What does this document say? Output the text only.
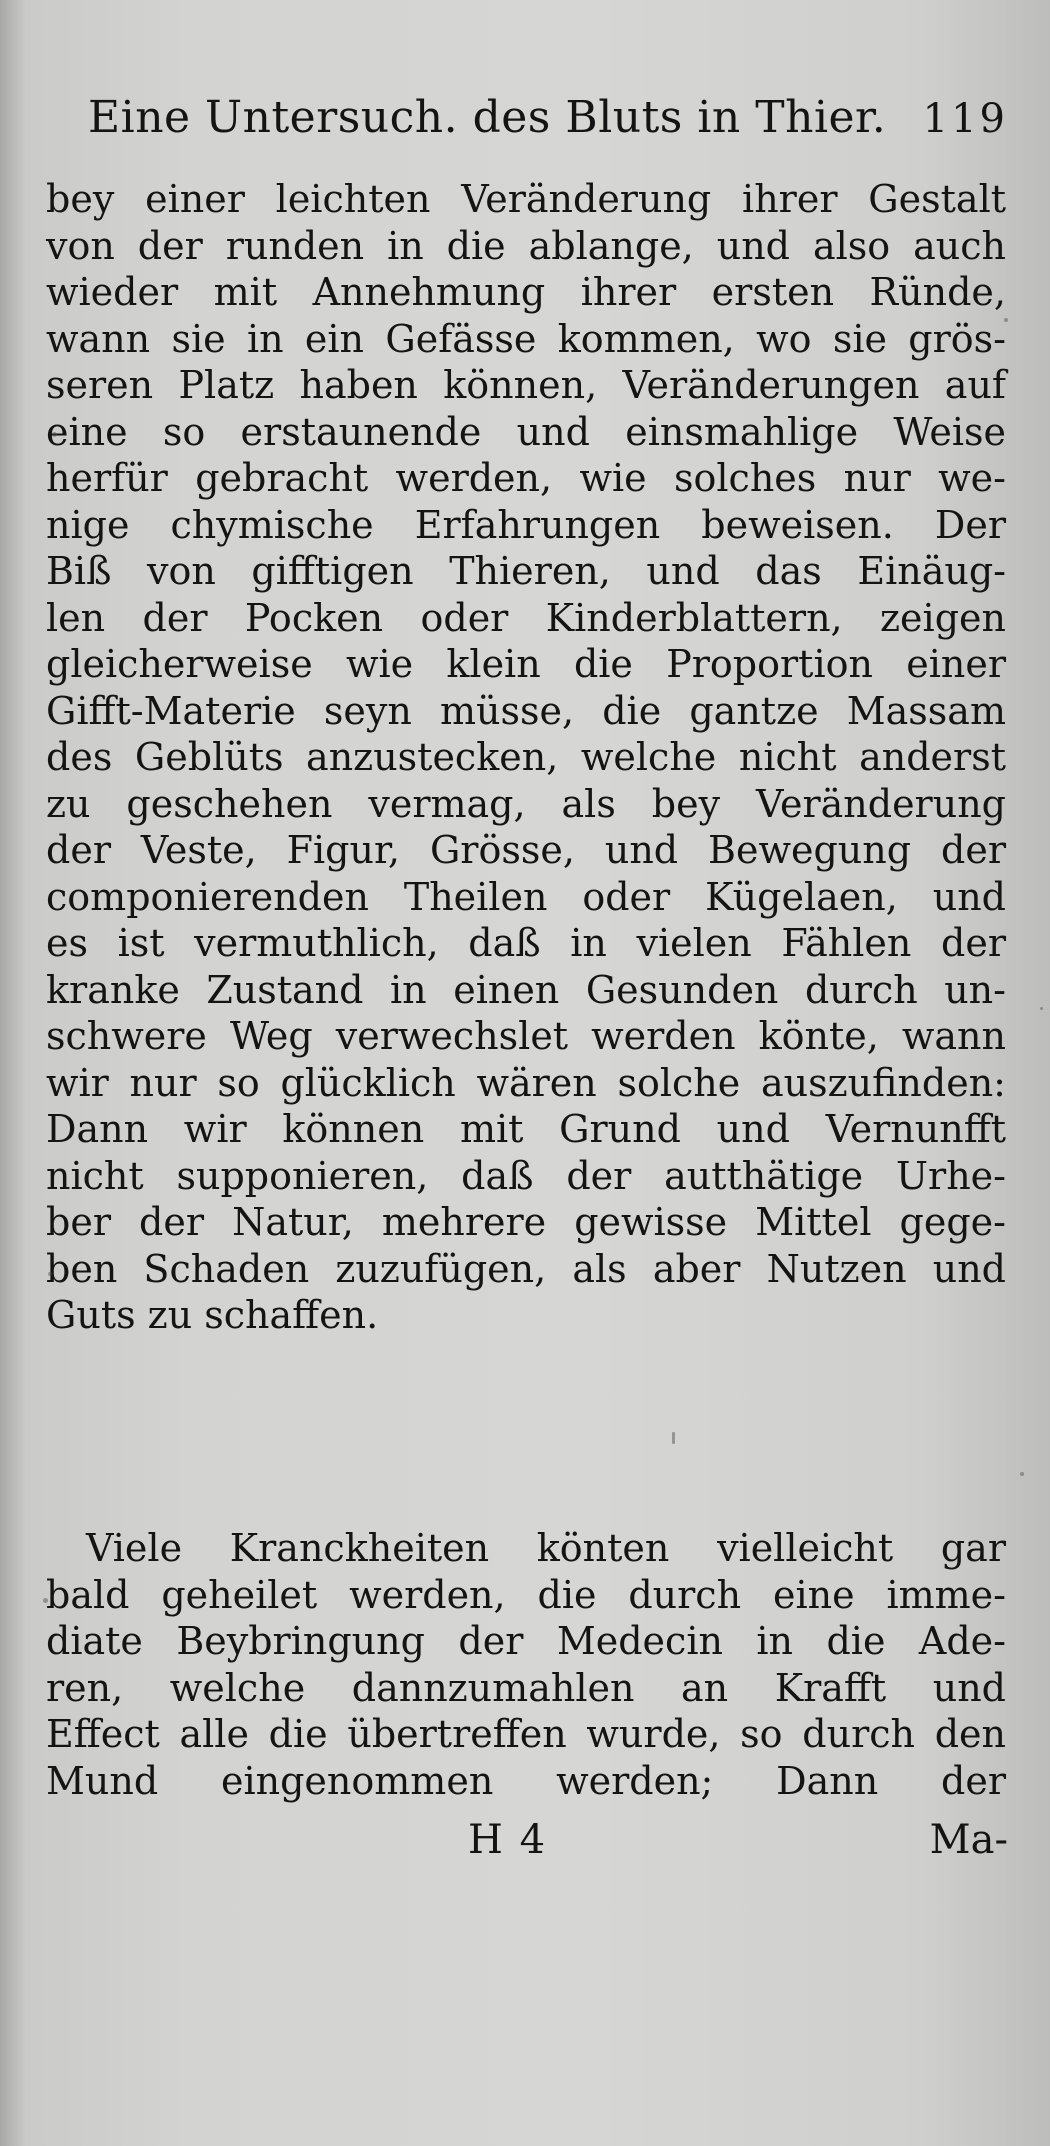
Eine Untersuch. des Bluts in Thier. 119
bey einer leichten Veränderung ihrer Gestalt
von der runden in die ablange, und also auch
wieder mit Annehmung ihrer ersten Ründe,
wann sie in ein Gefässe kommen, wo sie grös-
seren Platz haben können, Veränderungen auf
eine so erstaunende und einsmahlige Weise
herfür gebracht werden, wie solches nur we-
nige chymische Erfahrungen beweisen. Der
Biß von gifftigen Thieren, und das Einäug-
len der Pocken oder Kinderblattern, zeigen
gleicherweise wie klein die Proportion einer
Gifft-Materie seyn müsse, die gantze Massam
des Geblüts anzustecken, welche nicht anderst
zu geschehen vermag, als bey Veränderung
der Veste, Figur, Grösse, und Bewegung der
componierenden Theilen oder Kügelaen, und
es ist vermuthlich, daß in vielen Fählen der
kranke Zustand in einen Gesunden durch un-
schwere Weg verwechslet werden könte, wann
wir nur so glücklich wären solche auszufinden:
Dann wir können mit Grund und Vernunfft
nicht supponieren, daß der autthätige Urhe-
ber der Natur, mehrere gewisse Mittel gege-
ben Schaden zuzufügen, als aber Nutzen und
Guts zu schaffen.
Viele Kranckheiten könten vielleicht gar
bald geheilet werden, die durch eine imme-
diate Beybringung der Medecin in die Ade-
ren, welche dannzumahlen an Krafft und
Effect alle die übertreffen wurde, so durch den
Mund eingenommen werden; Dann der
H 4	Ma-
